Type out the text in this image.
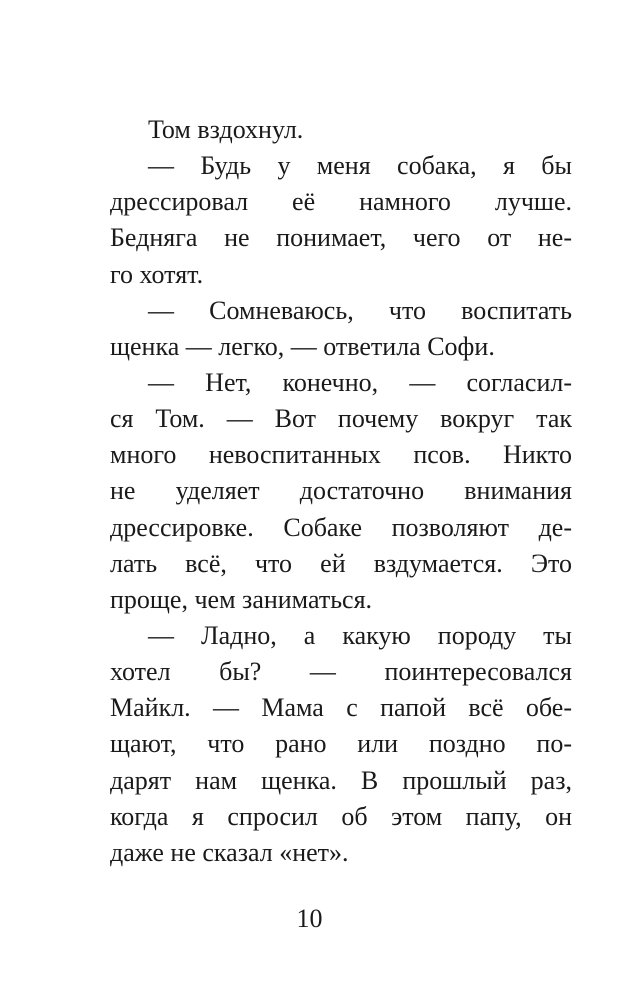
Том вздохнул.
— Будь у меня собака, я бы
дрессировал её намного лучше.
Бедняга не понимает, чего от не-
го хотят.
— Сомневаюсь, что воспитать
щенка — легко, — ответила Софи.
— Нет, конечно, — согласил-
ся Том. — Вот почему вокруг так
много невоспитанных псов. Никто
не уделяет достаточно внимания
дрессировке. Собаке позволяют де-
лать всё, что ей вздумается. Это
проще, чем заниматься.
— Ладно, а какую породу ты
хотел бы? — поинтересовался
Майкл. — Мама с папой всё обе-
щают, что рано или поздно по-
дарят нам щенка. В прошлый раз,
когда я спросил об этом папу, он
даже не сказал «нет».
10
